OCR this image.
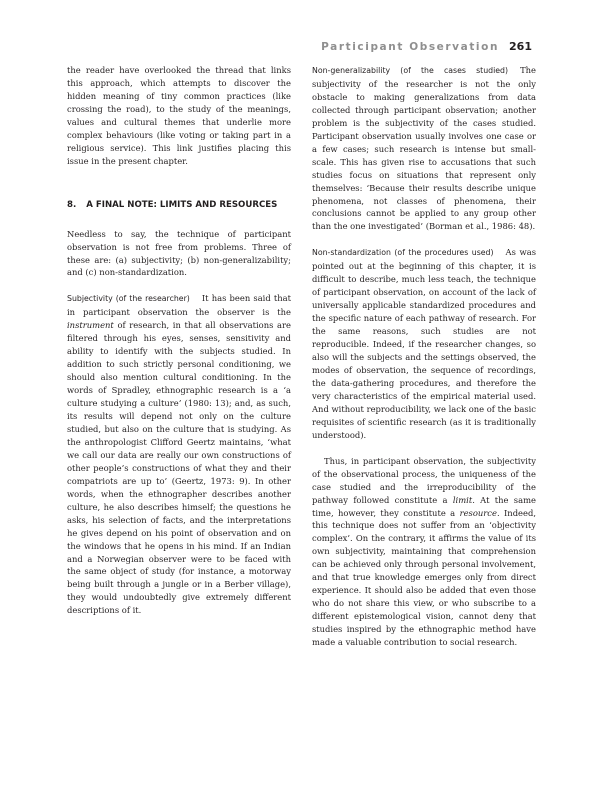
Participant Observation 261

the reader have overlooked the thread that links this approach, which attempts to discover the hidden meaning of tiny common practices (like crossing the road), to the study of the meanings, values and cultural themes that underlie more complex behaviours (like voting or taking part in a religious service). This link justifies placing this issue in the present chapter.

8. A FINAL NOTE: LIMITS AND RESOURCES

Needless to say, the technique of participant observation is not free from problems. Three of these are: (a) subjectivity; (b) non-generalizability; and (c) non-standardization.

Subjectivity (of the researcher) It has been said that in participant observation the observer is the instrument of research, in that all observations are filtered through his eyes, senses, sensitivity and ability to identify with the subjects studied. In addition to such strictly personal conditioning, we should also mention cultural conditioning. In the words of Spradley, ethnographic research is a ‘a culture studying a culture’ (1980: 13); and, as such, its results will depend not only on the culture studied, but also on the culture that is studying. As the anthropologist Clifford Geertz maintains, ‘what we call our data are really our own constructions of other people’s constructions of what they and their compatriots are up to’ (Geertz, 1973: 9). In other words, when the ethnographer describes another culture, he also describes himself; the questions he asks, his selection of facts, and the interpretations he gives depend on his point of observation and on the windows that he opens in his mind. If an Indian and a Norwegian observer were to be faced with the same object of study (for instance, a motorway being built through a jungle or in a Berber village), they would undoubtedly give extremely different descriptions of it.

Non-generalizability (of the cases studied) The subjectivity of the researcher is not the only obstacle to making generalizations from data collected through participant observation; another problem is the subjectivity of the cases studied. Participant observation usually involves one case or a few cases; such research is intense but small-scale. This has given rise to accusations that such studies focus on situations that represent only themselves: ‘Because their results describe unique phenomena, not classes of phenomena, their conclusions cannot be applied to any group other than the one investigated’ (Borman et al., 1986: 48).

Non-standardization (of the procedures used) As was pointed out at the beginning of this chapter, it is difficult to describe, much less teach, the technique of participant observation, on account of the lack of universally applicable standardized procedures and the specific nature of each pathway of research. For the same reasons, such studies are not reproducible. Indeed, if the researcher changes, so also will the subjects and the settings observed, the modes of observation, the sequence of recordings, the data-gathering procedures, and therefore the very characteristics of the empirical material used. And without reproducibility, we lack one of the basic requisites of scientific research (as it is traditionally understood).

Thus, in participant observation, the subjectivity of the observational process, the uniqueness of the case studied and the irreproducibility of the pathway followed constitute a limit. At the same time, however, they constitute a resource. Indeed, this technique does not suffer from an ‘objectivity complex’. On the contrary, it affirms the value of its own subjectivity, maintaining that comprehension can be achieved only through personal involvement, and that true knowledge emerges only from direct experience. It should also be added that even those who do not share this view, or who subscribe to a different epistemological vision, cannot deny that studies inspired by the ethnographic method have made a valuable contribution to social research.
